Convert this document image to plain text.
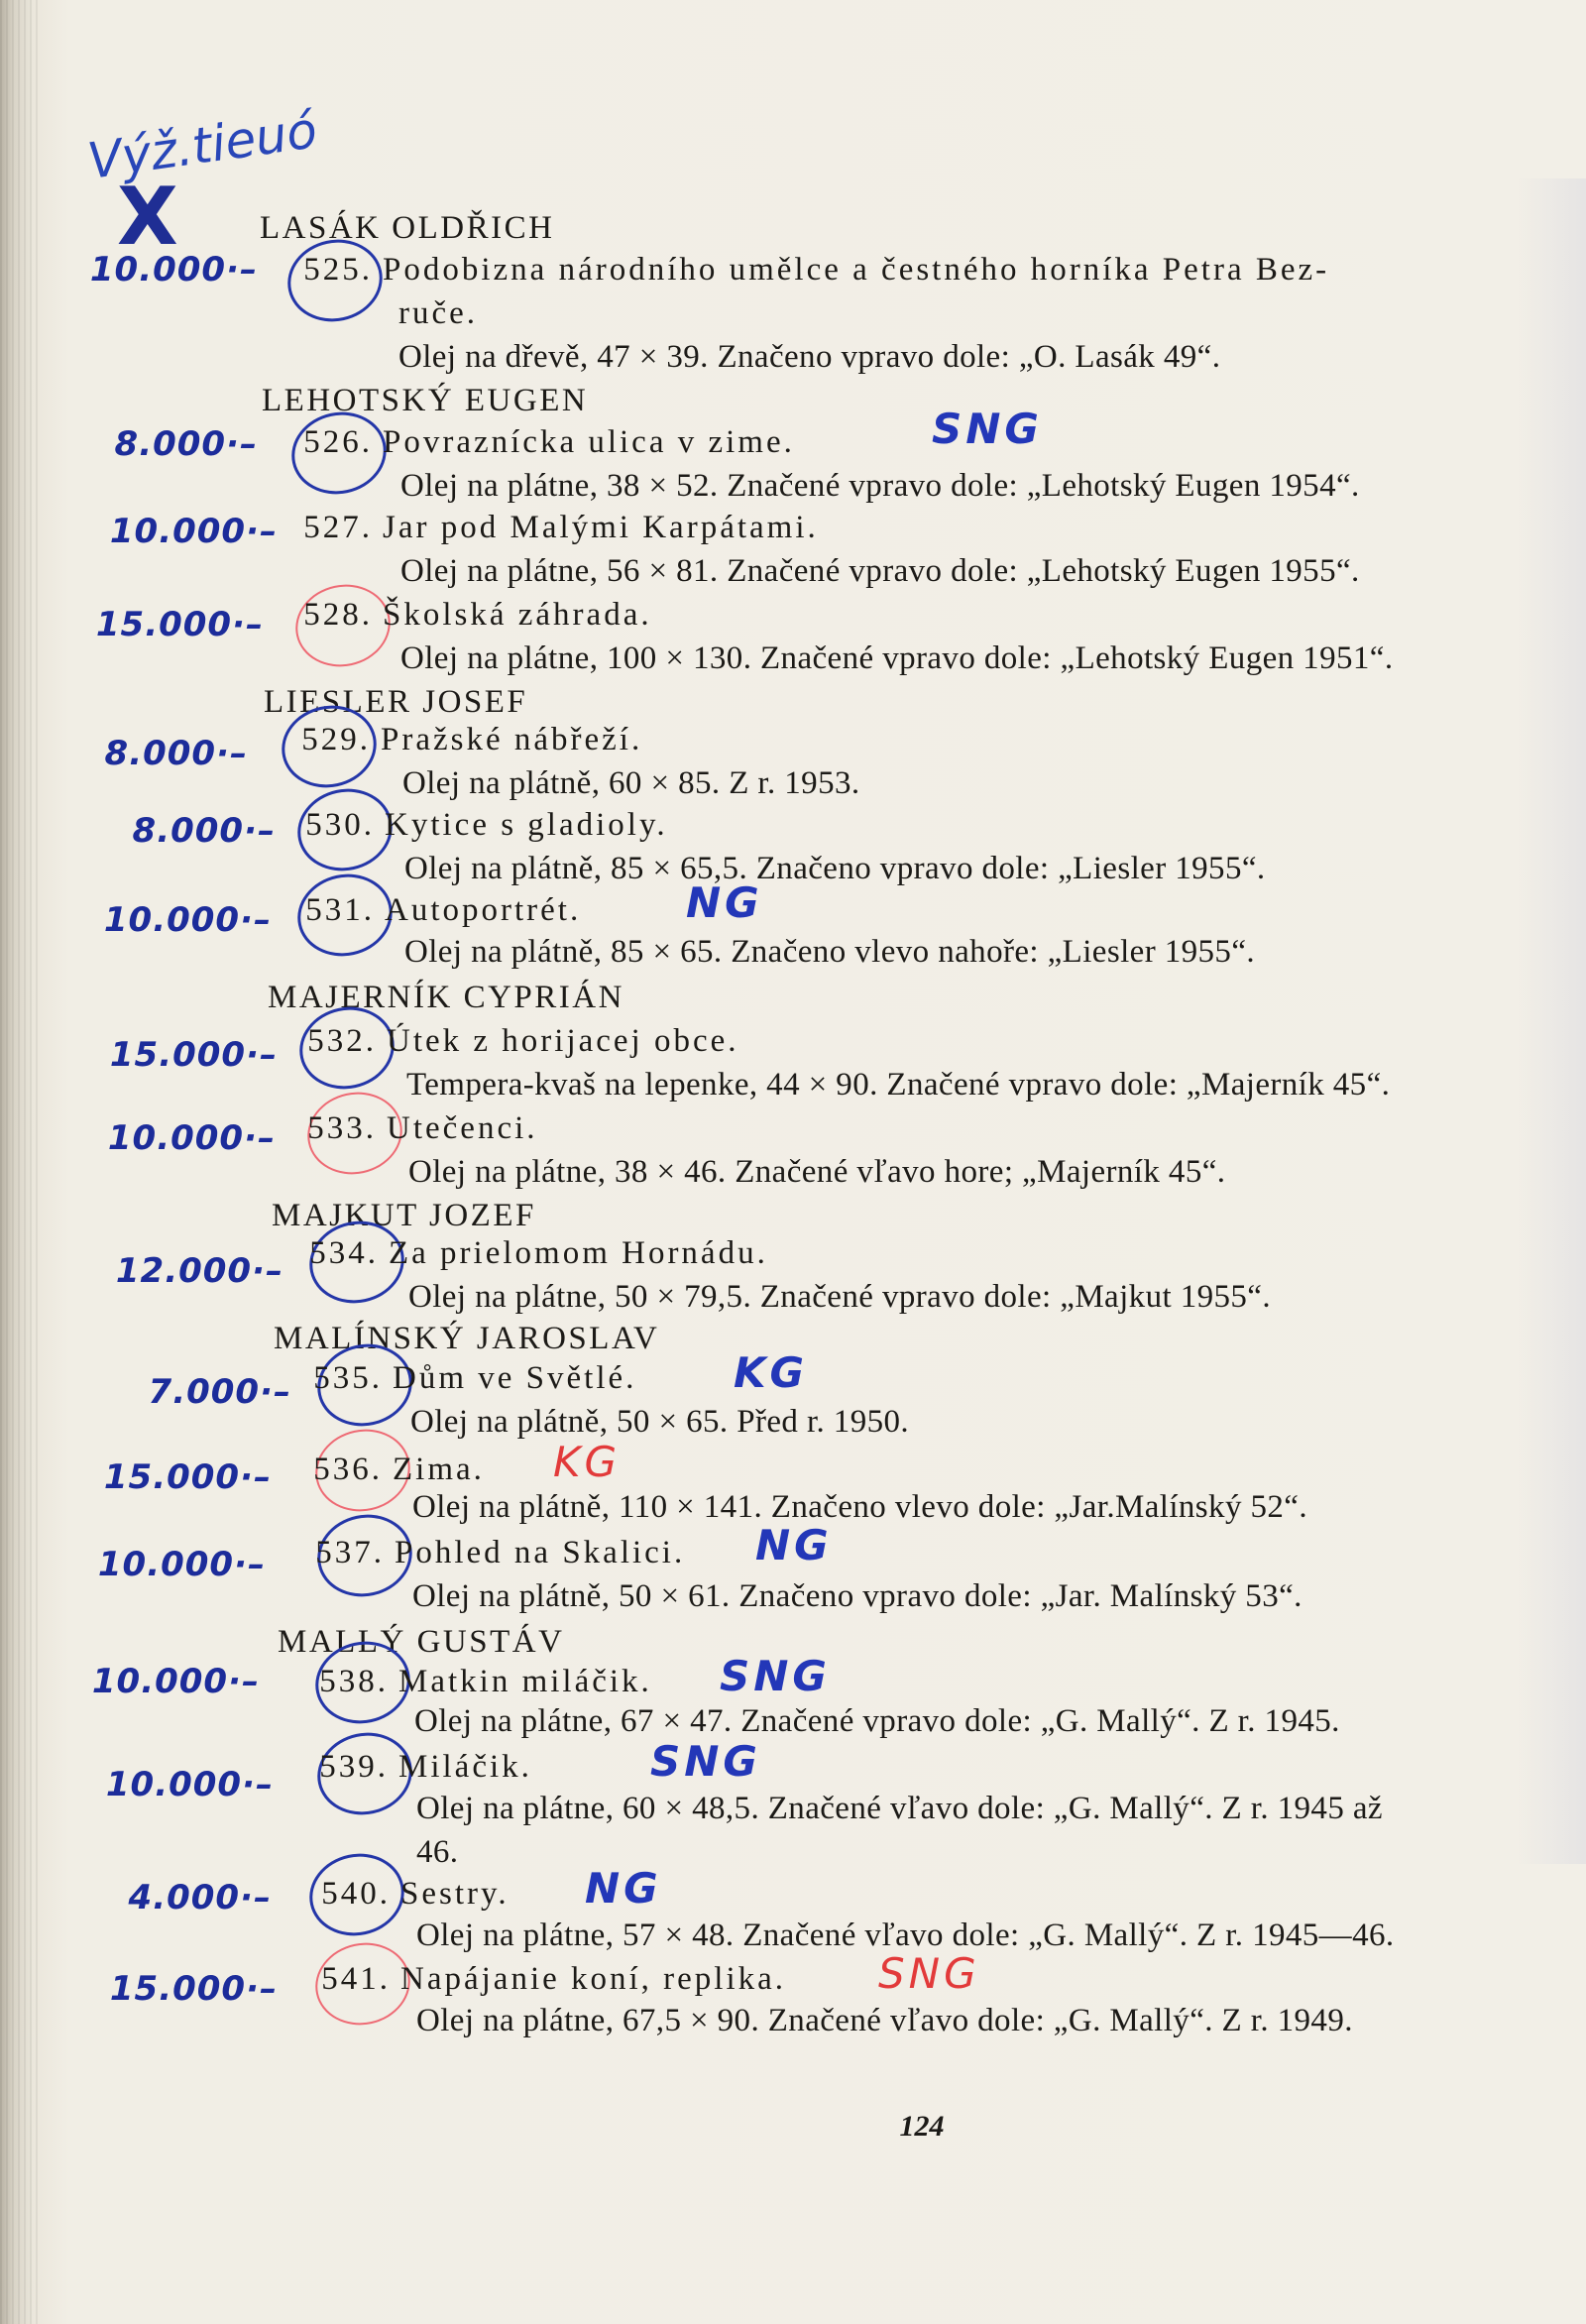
Výž.tieuó
X LASÁK OLDŘICH
10.000·– 525. Podobizna národního umělce a čestného horníka Petra Bez-
ruče.
Olej na dřevě, 47 × 39. Značeno vpravo dole: „O. Lasák 49“.
LEHOTSKÝ EUGEN
8.000·– 526. Povraznícka ulica v zime.	SNG
Olej na plátne, 38 × 52. Značené vpravo dole: „Lehotský Eugen 1954“.
10.000·– 527. Jar pod Malými Karpátami.
Olej na plátne, 56 × 81. Značené vpravo dole: „Lehotský Eugen 1955“.
15.000·– 528. Školská záhrada.
Olej na plátne, 100 × 130. Značené vpravo dole: „Lehotský Eugen 1951“.
LIESLER JOSEF
8.000·– 529. Pražské nábřeží.
Olej na plátně, 60 × 85. Z r. 1953.
8.000·– 530. Kytice s gladioly.
Olej na plátně, 85 × 65,5. Značeno vpravo dole: „Liesler 1955“.
10.000·– 531. Autoportrét.	NG
Olej na plátně, 85 × 65. Značeno vlevo nahoře: „Liesler 1955“.
MAJERNÍK CYPRIÁN
15.000·– 532. Útek z horijacej obce.
Tempera-kvaš na lepenke, 44 × 90. Značené vpravo dole: „Majerník 45“.
10.000·– 533. Utečenci.
Olej na plátne, 38 × 46. Značené vľavo hore; „Majerník 45“.
MAJKUT JOZEF
12.000·– 534. Za prielomom Hornádu.
Olej na plátne, 50 × 79,5. Značené vpravo dole: „Majkut 1955“.
MALÍNSKÝ JAROSLAV
7.000·– 535. Dům ve Světlé. KG
Olej na plátně, 50 × 65. Před r. 1950.
15.000·– 536. Zima. KG
Olej na plátně, 110 × 141. Značeno vlevo dole: „Jar.Malínský 52“.
10.000·– 537. Pohled na Skalici. NG
Olej na plátně, 50 × 61. Značeno vpravo dole: „Jar. Malínský 53“.
MALLÝ GUSTÁV
10.000·– 538. Matkin miláčik. SNG
Olej na plátne, 67 × 47. Značené vpravo dole: „G. Mallý“. Z r. 1945.
10.000·– 539. Miláčik.	SNG
Olej na plátne, 60 × 48,5. Značené vľavo dole: „G. Mallý“. Z r. 1945 až
46.
4.000·– 540. Sestry. NG
Olej na plátne, 57 × 48. Značené vľavo dole: „G. Mallý“. Z r. 1945—46.
15.000·– 541. Napájanie koní, replika. SNG
Olej na plátne, 67,5 × 90. Značené vľavo dole: „G. Mallý“. Z r. 1949.
124
